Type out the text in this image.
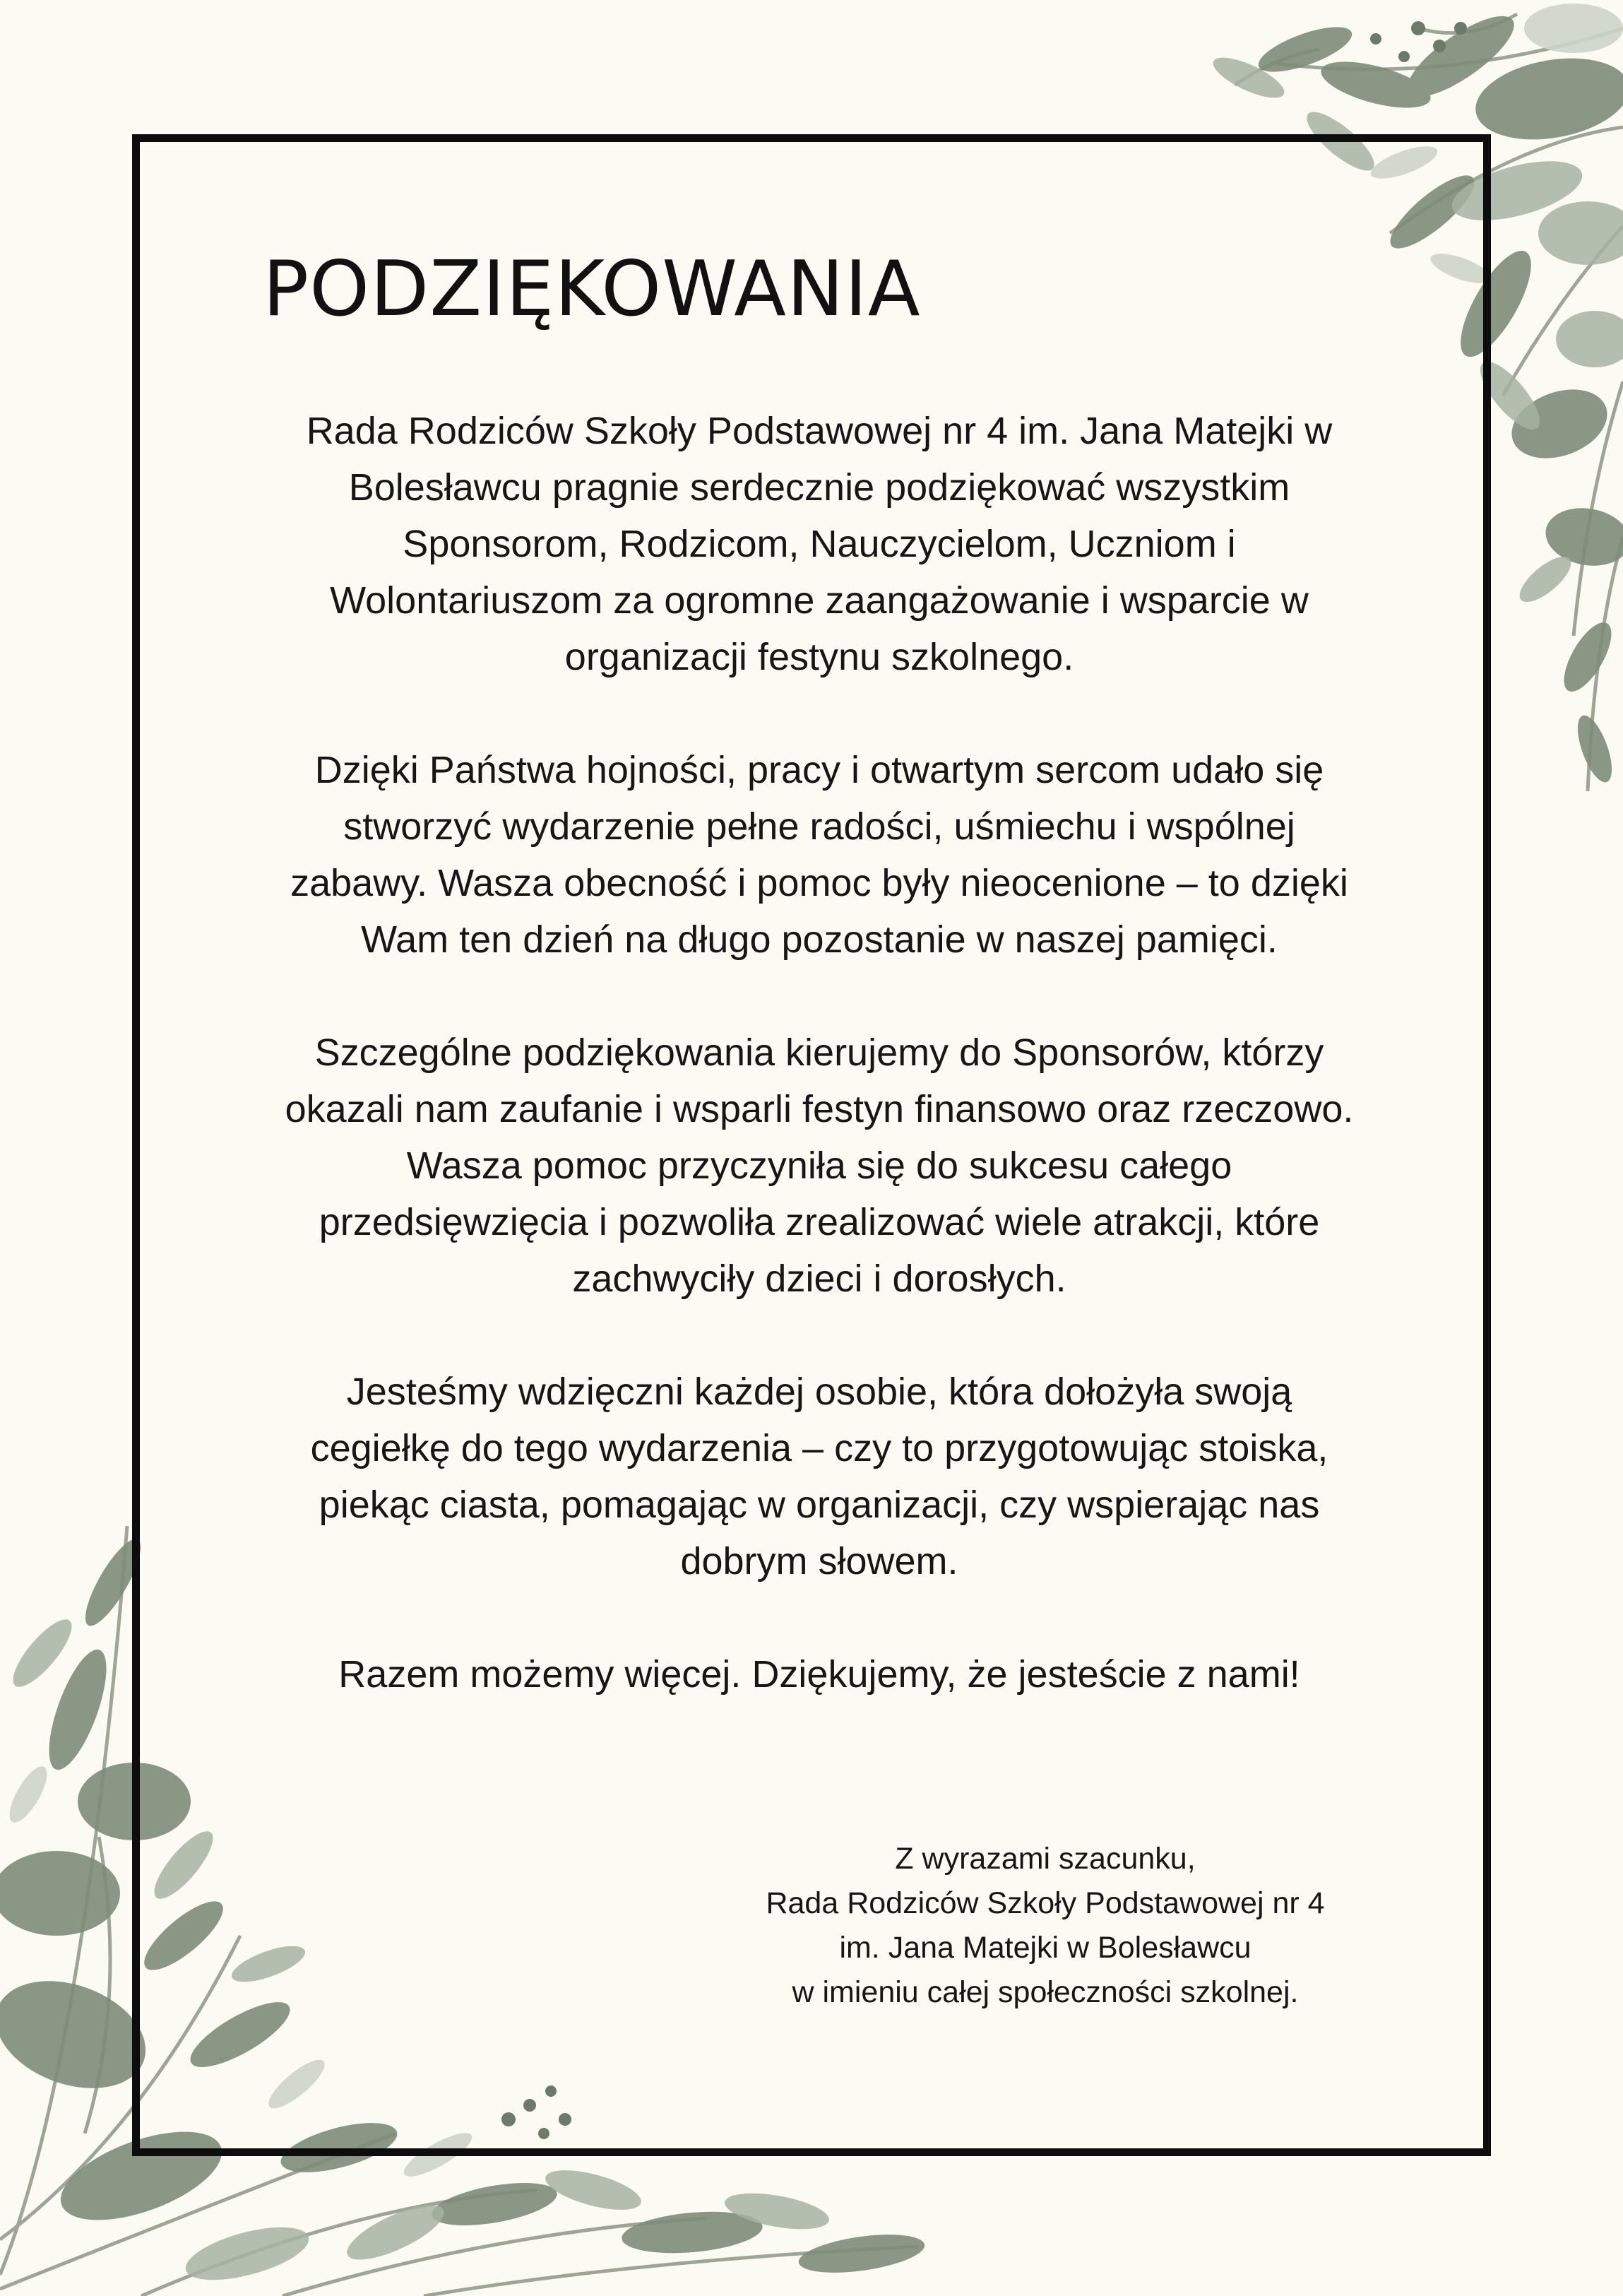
PODZIĘKOWANIA

Rada Rodziców Szkoły Podstawowej nr 4 im. Jana Matejki w Bolesławcu pragnie serdecznie podziękować wszystkim Sponsorom, Rodzicom, Nauczycielom, Uczniom i Wolontariuszom za ogromne zaangażowanie i wsparcie w organizacji festynu szkolnego.

Dzięki Państwa hojności, pracy i otwartym sercom udało się stworzyć wydarzenie pełne radości, uśmiechu i wspólnej zabawy. Wasza obecność i pomoc były nieocenione – to dzięki Wam ten dzień na długo pozostanie w naszej pamięci.

Szczególne podziękowania kierujemy do Sponsorów, którzy okazali nam zaufanie i wsparli festyn finansowo oraz rzeczowo. Wasza pomoc przyczyniła się do sukcesu całego przedsięwzięcia i pozwoliła zrealizować wiele atrakcji, które zachwyciły dzieci i dorosłych.

Jesteśmy wdzięczni każdej osobie, która dołożyła swoją cegiełkę do tego wydarzenia – czy to przygotowując stoiska, piekąc ciasta, pomagając w organizacji, czy wspierając nas dobrym słowem.

Razem możemy więcej. Dziękujemy, że jesteście z nami!

Z wyrazami szacunku,
Rada Rodziców Szkoły Podstawowej nr 4
im. Jana Matejki w Bolesławcu
w imieniu całej społeczności szkolnej.
